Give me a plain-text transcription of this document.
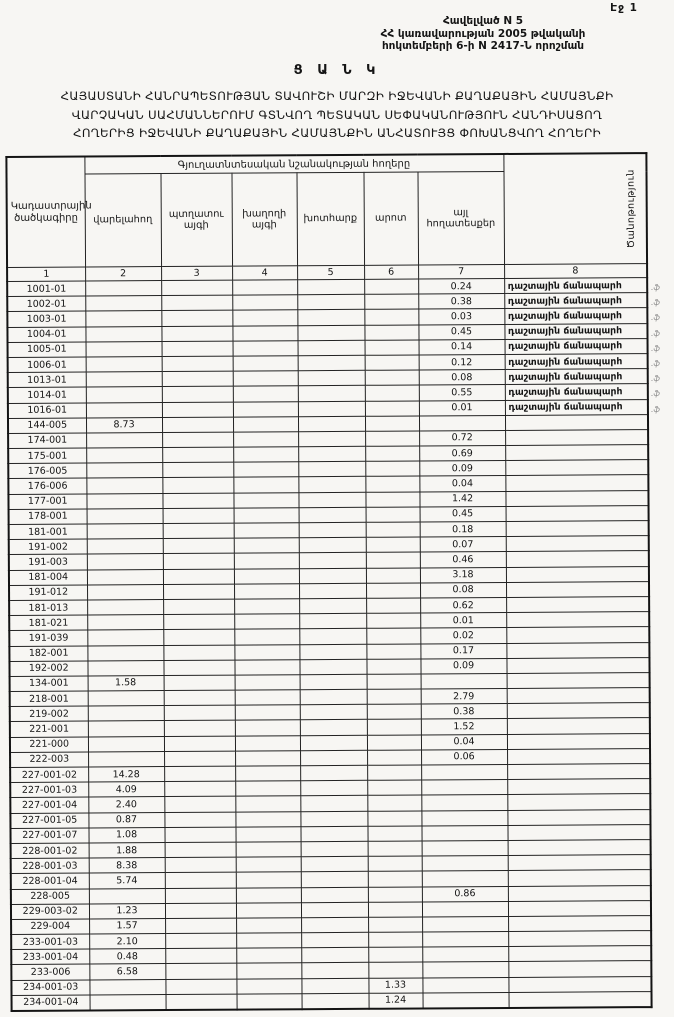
Էջ 1
Հավելված N 5
ՀՀ կառավարության 2005 թվականի
հոկտեմբերի 6-ի N 2417-Ն որոշման
Ց Ա Ն Կ
ՀԱՅԱՍՏԱՆԻ ՀԱՆՐԱՊԵՏՈՒԹՅԱՆ ՏԱՎՈՒՇԻ ՄԱՐԶԻ ԻՋԵՎԱՆԻ ՔԱՂԱՔԱՅԻՆ ՀԱՄԱՅՆՔԻ
ՎԱՐՉԱԿԱՆ ՍԱՀՄԱՆՆԵՐՈՒՄ ԳՏՆՎՈՂ ՊԵՏԱԿԱՆ ՍԵՓԱԿԱՆՈՒԹՅՈՒՆ ՀԱՆԴԻՍԱՑՈՂ
ՀՈՂԵՐԻՑ ԻՋԵՎԱՆԻ ՔԱՂԱՔԱՅԻՆ ՀԱՄԱՅՆՔԻՆ ԱՆՀԱՏՈՒՅՑ ՓՈԽԱՆՑՎՈՂ ՀՈՂԵՐԻ
Կադաստրային ծածկագիրը	Գյուղատնտեսական նշանակության հողերը						Ծանոթություն

	վարելահող	պտղատու այգի	խաղողի այգի	խոտհարք	արոտ	այլ հողատեսքեր	
1	2	3	4	5	6	7	8
1001-01						0.24	դաշտային ճանապարհ
1002-01						0.38	դաշտային ճանապարհ
1003-01						0.03	դաշտային ճանապարհ
1004-01						0.45	դաշտային ճանապարհ
1005-01						0.14	դաշտային ճանապարհ
1006-01						0.12	դաշտային ճանապարհ
1013-01						0.08	դաշտային ճանապարհ
1014-01						0.55	դաշտային ճանապարհ
1016-01						0.01	դաշտային ճանապարհ
144-005	8.73						
174-001						0.72	
175-001						0.69	
176-005						0.09	
176-006						0.04	
177-001						1.42	
178-001						0.45	
181-001						0.18	
191-002						0.07	
191-003						0.46	
181-004						3.18	
191-012						0.08	
181-013						0.62	
181-021						0.01	
191-039						0.02	
182-001						0.17	
192-002						0.09	
134-001	1.58						
218-001						2.79	
219-002						0.38	
221-001						1.52	
221-000						0.04	
222-003						0.06	
227-001-02	14.28						
227-001-03	4.09						
227-001-04	2.40						
227-001-05	0.87						
227-001-07	1.08						
228-001-02	1.88						
228-001-03	8.38						
228-001-04	5.74						
228-005						0.86	
229-003-02	1.23						
229-004	1.57						
233-001-03	2.10						
233-001-04	0.48						
233-006	6.58						
234-001-03					1.33		
234-001-04					1.24		
.ֆ
.ֆ
.ֆ
.ֆ
.ֆ
.ֆ
.ֆ
.ֆ
.ֆ
